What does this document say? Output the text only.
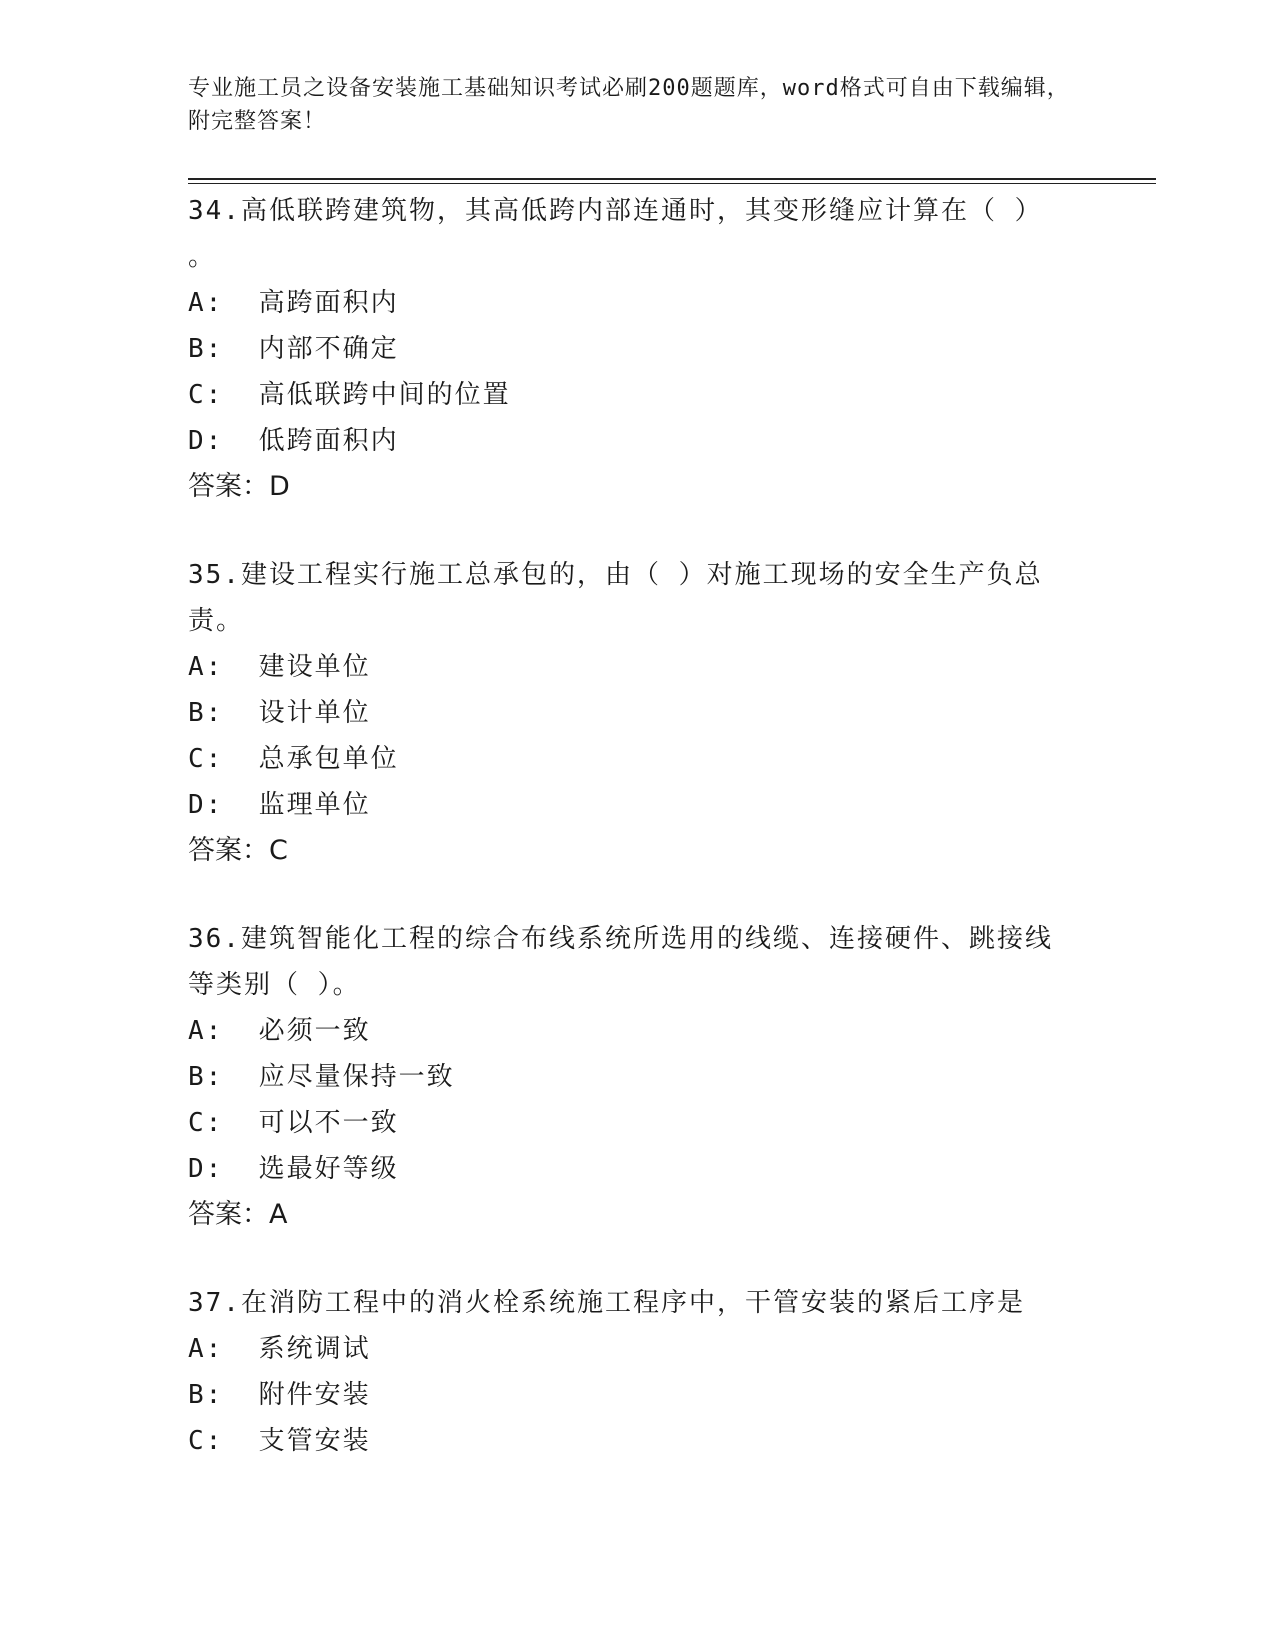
专业施工员之设备安装施工基础知识考试必刷200题题库，word格式可自由下载编辑，附完整答案！

34.高低联跨建筑物，其高低跨内部连通时，其变形缝应计算在（ ）

。

A: 高跨面积内

B: 内部不确定

C: 高低联跨中间的位置

D: 低跨面积内

答案：D

35.建设工程实行施工总承包的，由（ ）对施工现场的安全生产负总

责。

A: 建设单位

B: 设计单位

C: 总承包单位

D: 监理单位

答案：C

36.建筑智能化工程的综合布线系统所选用的线缆、连接硬件、跳接线

等类别（ ）。

A: 必须一致

B: 应尽量保持一致

C: 可以不一致

D: 选最好等级

答案：A

37.在消防工程中的消火栓系统施工程序中，干管安装的紧后工序是

A: 系统调试

B: 附件安装

C: 支管安装
